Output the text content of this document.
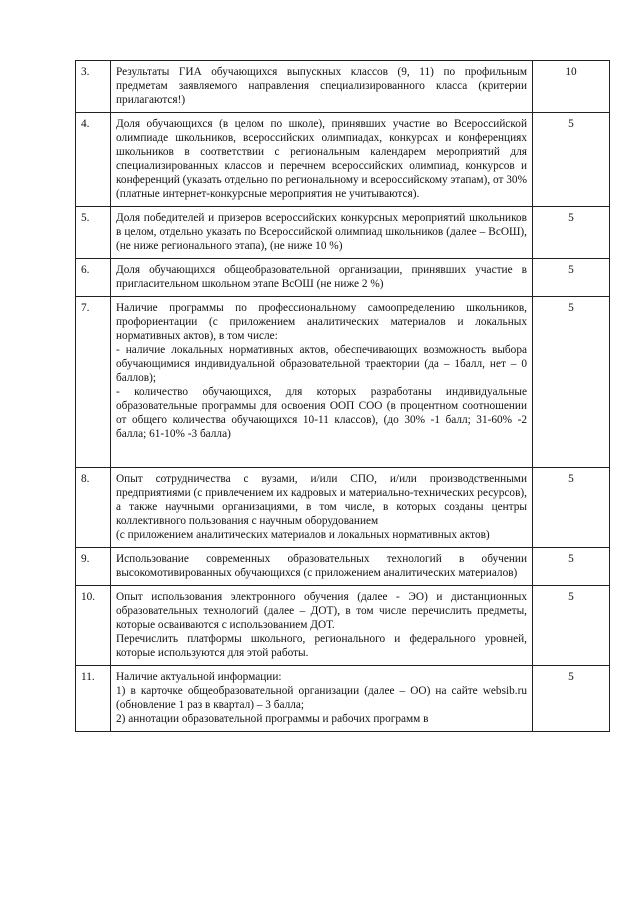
3.	Результаты ГИА обучающихся выпускных классов (9, 11) по профильным предметам заявляемого направления специализированного класса (критерии прилагаются!)	10
4.	Доля обучающихся (в целом по школе), принявших участие во Всероссийской олимпиаде школьников, всероссийских олимпиадах, конкурсах и конференциях школьников в соответствии с региональным календарем мероприятий для специализированных классов и перечнем всероссийских олимпиад, конкурсов и конференций (указать отдельно по региональному и всероссийскому этапам), от 30% (платные интернет-конкурсные мероприятия не учитываются).	5
5.	Доля победителей и призеров всероссийских конкурсных мероприятий школьников в целом, отдельно указать по Всероссийской олимпиад школьников (далее – ВсОШ), (не ниже регионального этапа), (не ниже 10 %)	5
6.	Доля обучающихся общеобразовательной организации, принявших участие в пригласительном школьном этапе ВсОШ (не ниже 2 %)	5
7.	Наличие программы по профессиональному самоопределению школьников, профориентации (с приложением аналитических материалов и локальных нормативных актов), в том числе:
- наличие локальных нормативных актов, обеспечивающих возможность выбора обучающимися индивидуальной образовательной траектории (да – 1балл, нет – 0 баллов);
- количество обучающихся, для которых разработаны индивидуальные образовательные программы для освоения ООП СОО (в процентном соотношении от общего количества обучающихся 10-11 классов), (до 30% -1 балл; 31-60% -2 балла; 61-10% -3 балла)	5
8.	Опыт сотрудничества с вузами, и/или СПО, и/или производственными предприятиями (с привлечением их кадровых и материально-технических ресурсов), а также научными организациями, в том числе, в которых созданы центры коллективного пользования с научным оборудованием
(с приложением аналитических материалов и локальных нормативных актов)	5
9.	Использование современных образовательных технологий в обучении высокомотивированных обучающихся (с приложением аналитических материалов)	5
10.	Опыт использования электронного обучения (далее - ЭО) и дистанционных образовательных технологий (далее – ДОТ), в том числе перечислить предметы, которые осваиваются с использованием ДОТ.
Перечислить платформы школьного, регионального и федерального уровней, которые используются для этой работы.	5
11.	Наличие актуальной информации:
1) в карточке общеобразовательной организации (далее – ОО) на сайте websib.ru (обновление 1 раз в квартал) – 3 балла;
2) аннотации образовательной программы и рабочих программ в	5
